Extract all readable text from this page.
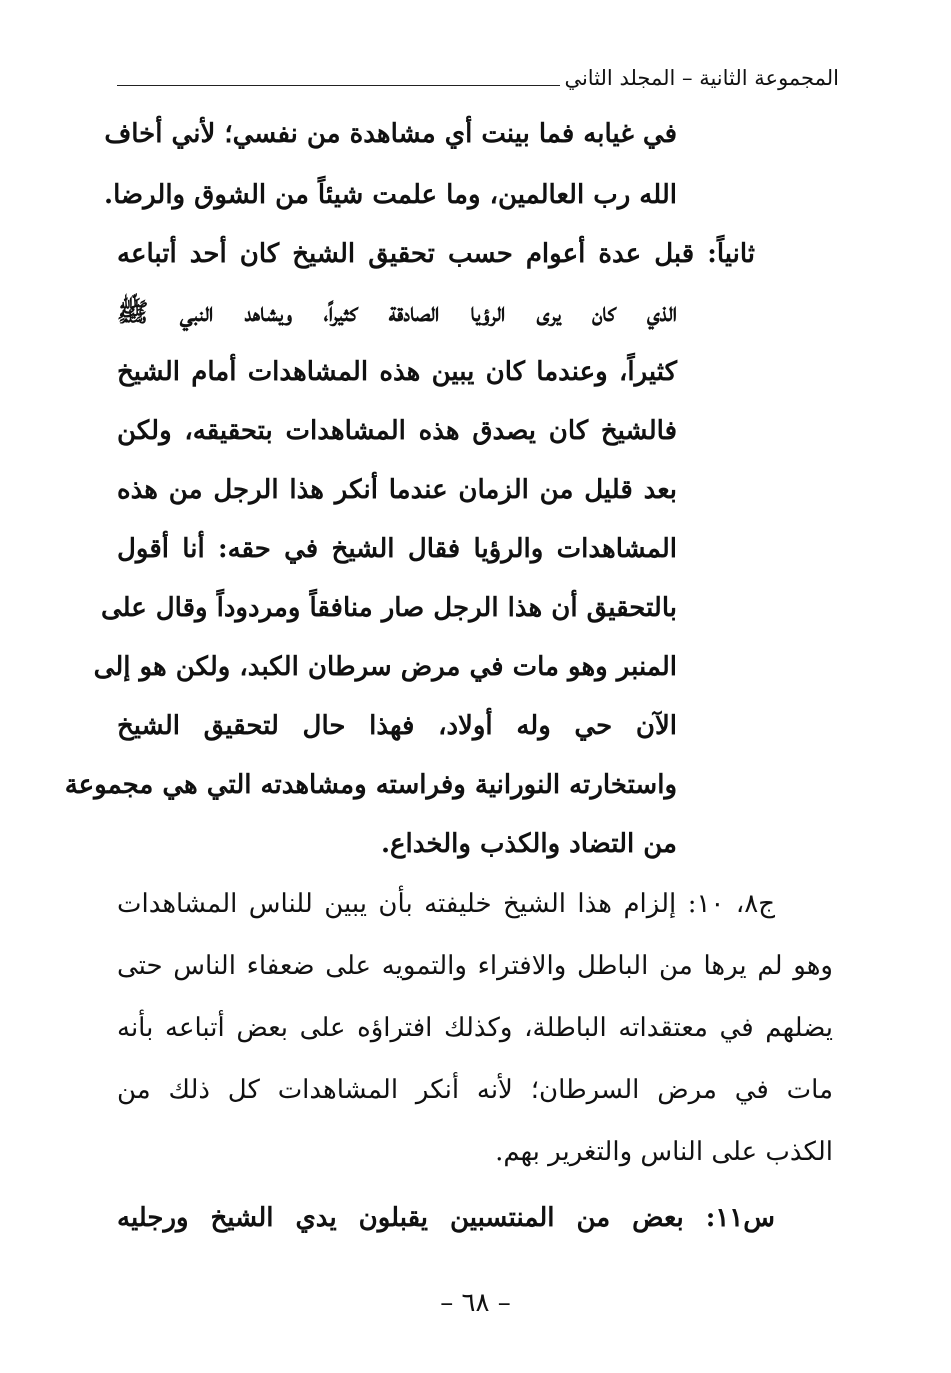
المجموعة الثانية – المجلد الثاني
في غيابه فما بينت أي مشاهدة من نفسي؛ لأني أخاف
الله رب العالمين، وما علمت شيئاً من الشوق والرضا.
ثانياً: قبل عدة أعوام حسب تحقيق الشيخ كان أحد أتباعه
الذي كان يرى الرؤيا الصادقة كثيراً، ويشاهد النبي ﷺ
كثيراً، وعندما كان يبين هذه المشاهدات أمام الشيخ
فالشيخ كان يصدق هذه المشاهدات بتحقيقه، ولكن
بعد قليل من الزمان عندما أنكر هذا الرجل من هذه
المشاهدات والرؤيا فقال الشيخ في حقه: أنا أقول
بالتحقيق أن هذا الرجل صار منافقاً ومردوداً وقال على
المنبر وهو مات في مرض سرطان الكبد، ولكن هو إلى
الآن حي وله أولاد، فهذا حال لتحقيق الشيخ
واستخارته النورانية وفراسته ومشاهدته التي هي مجموعة
من التضاد والكذب والخداع.
ج٨، ١٠: إلزام هذا الشيخ خليفته بأن يبين للناس المشاهدات
وهو لم يرها من الباطل والافتراء والتمويه على ضعفاء الناس حتى
يضلهم في معتقداته الباطلة، وكذلك افتراؤه على بعض أتباعه بأنه
مات في مرض السرطان؛ لأنه أنكر المشاهدات كل ذلك من
الكذب على الناس والتغرير بهم.
س١١: بعض من المنتسبين يقبلون يدي الشيخ ورجليه
– ٦٨ –
